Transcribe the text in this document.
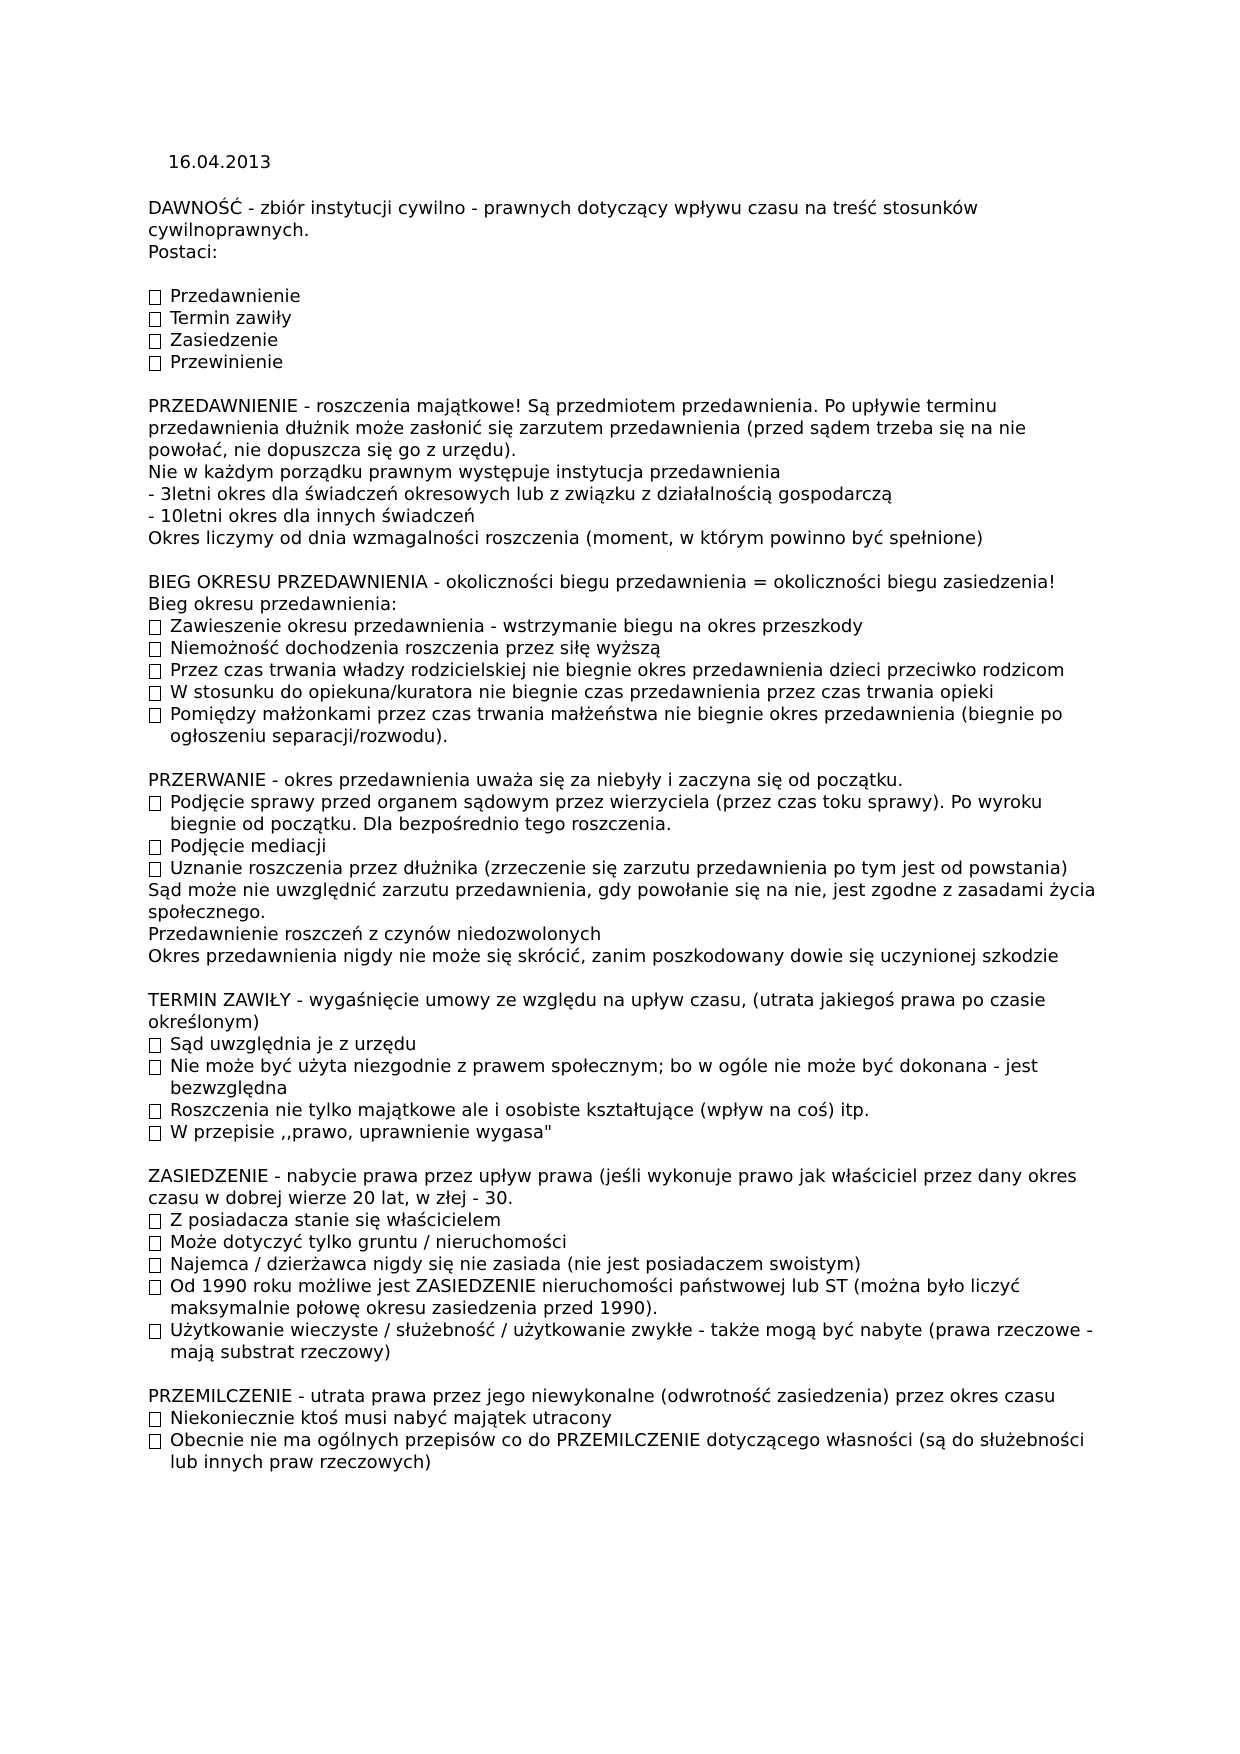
16.04.2013

DAWNOŚĆ - zbiór instytucji cywilno - prawnych dotyczący wpływu czasu na treść stosunków cywilnoprawnych.

Postaci:

Przedawnienie
Termin zawiły
Zasiedzenie
Przewinienie

PRZEDAWNIENIE - roszczenia majątkowe! Są przedmiotem przedawnienia. Po upływie terminu przedawnienia dłużnik może zasłonić się zarzutem przedawnienia (przed sądem trzeba się na nie powołać, nie dopuszcza się go z urzędu).

Nie w każdym porządku prawnym występuje instytucja przedawnienia

- 3letni okres dla świadczeń okresowych lub z związku z działalnością gospodarczą

- 10letni okres dla innych świadczeń

Okres liczymy od dnia wzmagalności roszczenia (moment, w którym powinno być spełnione)

BIEG OKRESU PRZEDAWNIENIA - okoliczności biegu przedawnienia = okoliczności biegu zasiedzenia!

Bieg okresu przedawnienia:

Zawieszenie okresu przedawnienia - wstrzymanie biegu na okres przeszkody
Niemożność dochodzenia roszczenia przez siłę wyższą
Przez czas trwania władzy rodzicielskiej nie biegnie okres przedawnienia dzieci przeciwko rodzicom
W stosunku do opiekuna/kuratora nie biegnie czas przedawnienia przez czas trwania opieki
Pomiędzy małżonkami przez czas trwania małżeństwa nie biegnie okres przedawnienia (biegnie po ogłoszeniu separacji/rozwodu).

PRZERWANIE - okres przedawnienia uważa się za niebyły i zaczyna się od początku.

Podjęcie sprawy przed organem sądowym przez wierzyciela (przez czas toku sprawy). Po wyroku biegnie od początku. Dla bezpośrednio tego roszczenia.
Podjęcie mediacji
Uznanie roszczenia przez dłużnika (zrzeczenie się zarzutu przedawnienia po tym jest od powstania)

Sąd może nie uwzględnić zarzutu przedawnienia, gdy powołanie się na nie, jest zgodne z zasadami życia społecznego.

Przedawnienie roszczeń z czynów niedozwolonych

Okres przedawnienia nigdy nie może się skrócić, zanim poszkodowany dowie się uczynionej szkodzie

TERMIN ZAWIŁY - wygaśnięcie umowy ze względu na upływ czasu, (utrata jakiegoś prawa po czasie określonym)

Sąd uwzględnia je z urzędu
Nie może być użyta niezgodnie z prawem społecznym; bo w ogóle nie może być dokonana - jest bezwzględna
Roszczenia nie tylko majątkowe ale i osobiste kształtujące (wpływ na coś) itp.
W przepisie ,,prawo, uprawnienie wygasa"

ZASIEDZENIE - nabycie prawa przez upływ prawa (jeśli wykonuje prawo jak właściciel przez dany okres czasu w dobrej wierze 20 lat, w złej - 30.

Z posiadacza stanie się właścicielem
Może dotyczyć tylko gruntu / nieruchomości
Najemca / dzierżawca nigdy się nie zasiada (nie jest posiadaczem swoistym)
Od 1990 roku możliwe jest ZASIEDZENIE nieruchomości państwowej lub ST (można było liczyć maksymalnie połowę okresu zasiedzenia przed 1990).
Użytkowanie wieczyste / służebność / użytkowanie zwykłe - także mogą być nabyte (prawa rzeczowe - mają substrat rzeczowy)

PRZEMILCZENIE - utrata prawa przez jego niewykonalne (odwrotność zasiedzenia) przez okres czasu

Niekoniecznie ktoś musi nabyć majątek utracony
Obecnie nie ma ogólnych przepisów co do PRZEMILCZENIE dotyczącego własności (są do służebności lub innych praw rzeczowych)
